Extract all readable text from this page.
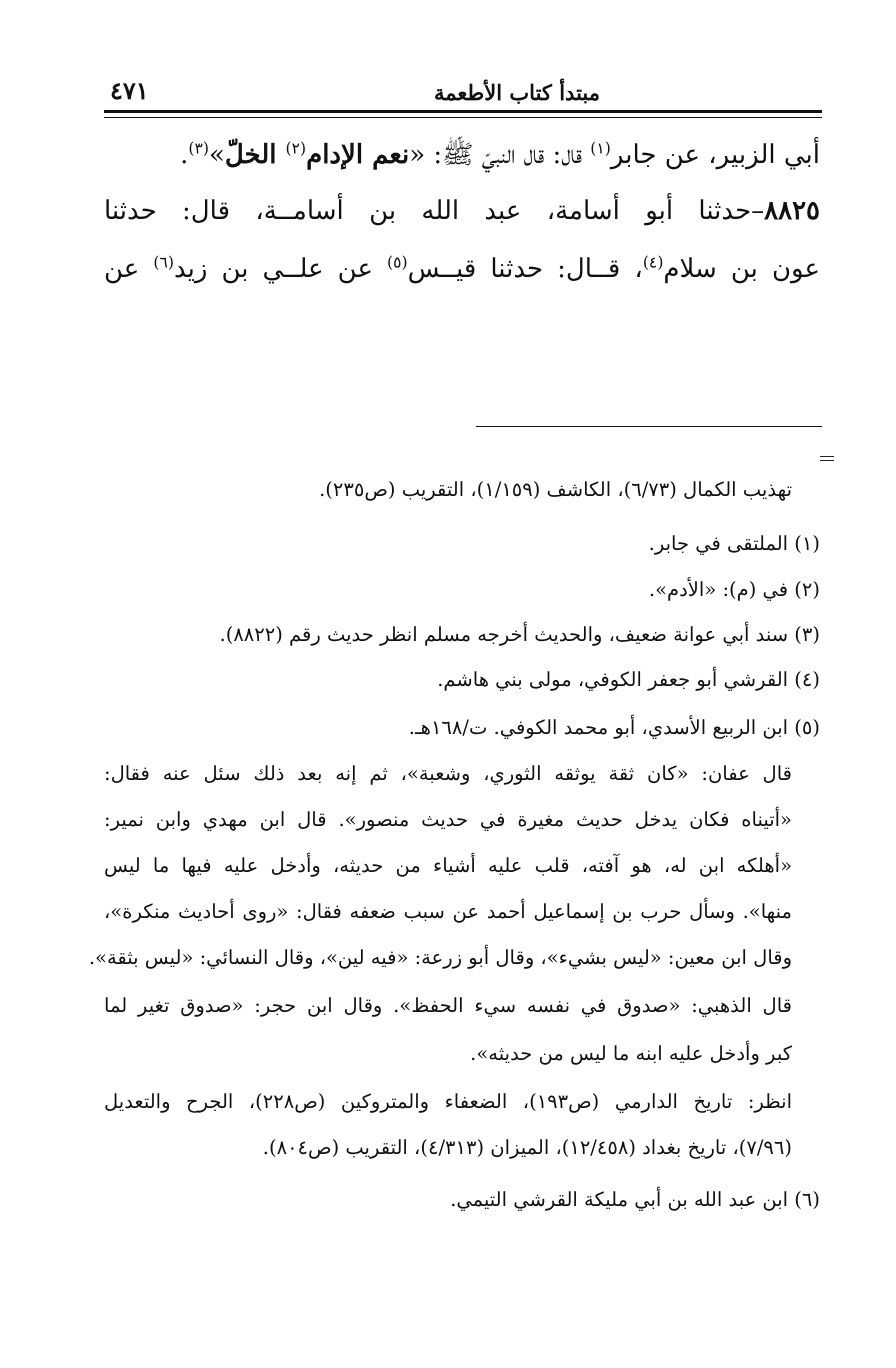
مبتدأ كتاب الأطعمة
٤٧١
أبي الزبير، عن جابر$^{(١)}$ قال: قال النبيّ ﷺ: «نعم الإدام$^{(٢)}$ الخلّ»$^{(٣)}$.
٨٨٢٥–حدثنا أبو أسامة، عبد الله بن أسامــة، قال: حدثنا
عون بن سلام$^{(٤)}$، قــال: حدثنا قيــس$^{(٥)}$ عن علــي بن زيد$^{(٦)}$ عن
تهذيب الكمال (٦/٧٣)، الكاشف (١/١٥٩)، التقريب (ص٢٣٥).
(١) الملتقى في جابر.
(٢) في (م): «الأدم».
(٣) سند أبي عوانة ضعيف، والحديث أخرجه مسلم انظر حديث رقم (٨٨٢٢).
(٤) القرشي أبو جعفر الكوفي، مولى بني هاشم.
(٥) ابن الربيع الأسدي، أبو محمد الكوفي. ت/١٦٨هـ.
قال عفان: «كان ثقة يوثقه الثوري، وشعبة»، ثم إنه بعد ذلك سئل عنه فقال:
«أتيناه فكان يدخل حديث مغيرة في حديث منصور». قال ابن مهدي وابن نمير:
«أهلكه ابن له، هو آفته، قلب عليه أشياء من حديثه، وأدخل عليه فيها ما ليس
منها». وسأل حرب بن إسماعيل أحمد عن سبب ضعفه فقال: «روى أحاديث منكرة»،
وقال ابن معين: «ليس بشيء»، وقال أبو زرعة: «فيه لين»، وقال النسائي: «ليس بثقة».
قال الذهبي: «صدوق في نفسه سيء الحفظ». وقال ابن حجر: «صدوق تغير لما
كبر وأدخل عليه ابنه ما ليس من حديثه».
انظر: تاريخ الدارمي (ص١٩٣)، الضعفاء والمتروكين (ص٢٢٨)، الجرح والتعديل
(٧/٩٦)، تاريخ بغداد (١٢/٤٥٨)، الميزان (٤/٣١٣)، التقريب (ص٨٠٤).
(٦) ابن عبد الله بن أبي مليكة القرشي التيمي.
